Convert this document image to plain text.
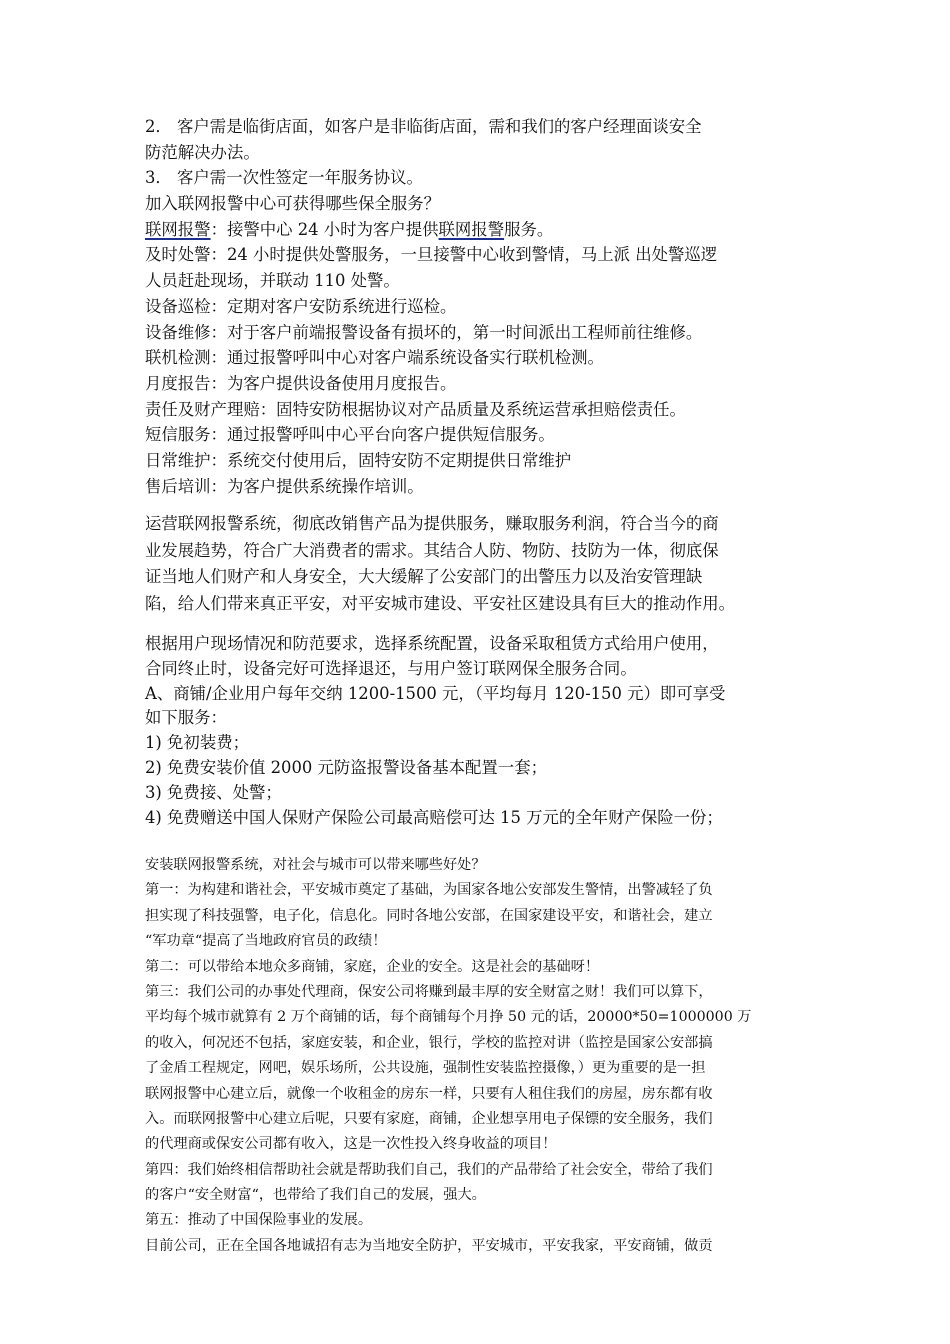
2． 客户需是临街店面，如客户是非临街店面，需和我们的客户经理面谈安全
防范解决办法。
3． 客户需一次性签定一年服务协议。
加入联网报警中心可获得哪些保全服务？
联网报警：接警中心 24 小时为客户提供联网报警服务。
及时处警：24 小时提供处警服务，一旦接警中心收到警情，马上派 出处警巡逻
人员赶赴现场，并联动 110 处警。
设备巡检：定期对客户安防系统进行巡检。
设备维修：对于客户前端报警设备有损坏的，第一时间派出工程师前往维修。
联机检测：通过报警呼叫中心对客户端系统设备实行联机检测。
月度报告：为客户提供设备使用月度报告。
责任及财产理赔：固特安防根据协议对产品质量及系统运营承担赔偿责任。
短信服务：通过报警呼叫中心平台向客户提供短信服务。
日常维护：系统交付使用后，固特安防不定期提供日常维护
售后培训：为客户提供系统操作培训。
运营联网报警系统，彻底改销售产品为提供服务，赚取服务利润，符合当今的商
业发展趋势，符合广大消费者的需求。其结合人防、物防、技防为一体，彻底保
证当地人们财产和人身安全，大大缓解了公安部门的出警压力以及治安管理缺
陷，给人们带来真正平安，对平安城市建设、平安社区建设具有巨大的推动作用。
根据用户现场情况和防范要求，选择系统配置，设备采取租赁方式给用户使用，
合同终止时，设备完好可选择退还，与用户签订联网保全服务合同。
A、商铺/企业用户每年交纳 1200-1500 元，（平均每月 120-150 元）即可享受
如下服务：
1) 免初装费；
2) 免费安装价值 2000 元防盗报警设备基本配置一套；
3) 免费接、处警；
4) 免费赠送中国人保财产保险公司最高赔偿可达 15 万元的全年财产保险一份；
安装联网报警系统，对社会与城市可以带来哪些好处？
第一：为构建和谐社会，平安城市奠定了基础，为国家各地公安部发生警情，出警减轻了负
担实现了科技强警，电子化，信息化。同时各地公安部，在国家建设平安，和谐社会，建立
“军功章“提高了当地政府官员的政绩！
第二：可以带给本地众多商铺，家庭，企业的安全。这是社会的基础呀！
第三：我们公司的办事处代理商，保安公司将赚到最丰厚的安全财富之财！我们可以算下，
平均每个城市就算有 2 万个商铺的话，每个商铺每个月挣 50 元的话，20000*50=1000000 万
的收入，何况还不包括，家庭安装，和企业，银行，学校的监控对讲（监控是国家公安部搞
了金盾工程规定，网吧，娱乐场所，公共设施，强制性安装监控摄像，）更为重要的是一担
联网报警中心建立后，就像一个收租金的房东一样，只要有人租住我们的房屋，房东都有收
入。而联网报警中心建立后呢，只要有家庭，商铺，企业想享用电子保镖的安全服务，我们
的代理商或保安公司都有收入，这是一次性投入终身收益的项目！
第四：我们始终相信帮助社会就是帮助我们自己，我们的产品带给了社会安全，带给了我们
的客户“安全财富“，也带给了我们自己的发展，强大。
第五：推动了中国保险事业的发展。
目前公司，正在全国各地诚招有志为当地安全防护，平安城市，平安我家，平安商铺，做贡
